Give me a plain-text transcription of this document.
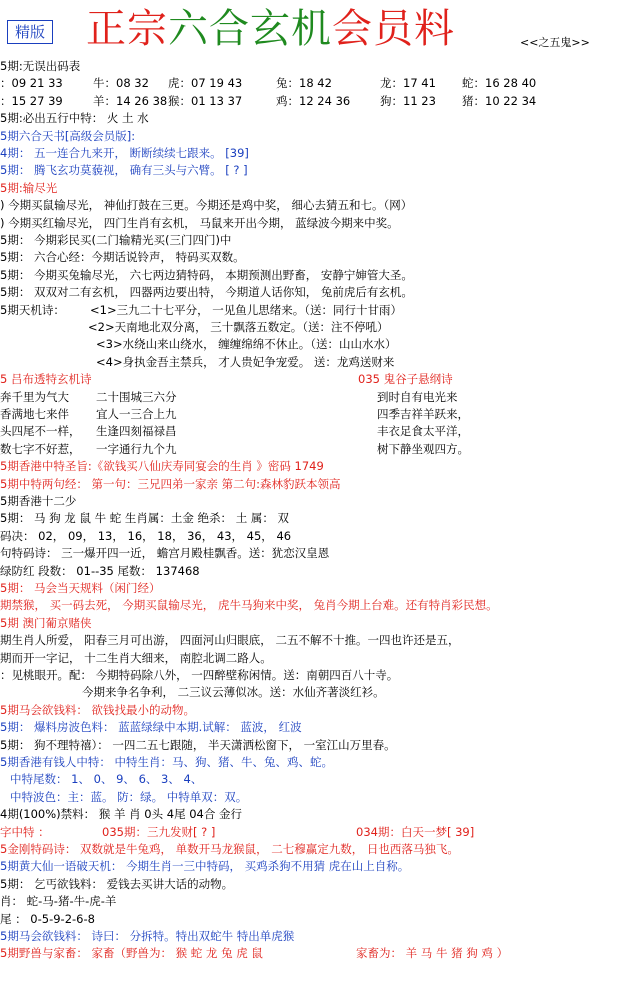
精版 正宗六合玄机会员料	<<之五鬼>>
5期:无误出码表
：09 21 33	牛：08 32 虎：07 19 43	兔：18 42	龙：17 41 蛇：16 28 40
：15 27 39	羊：14 26 38 猴：01 13 37	鸡：12 24 36	狗：11 23 猪：10 22 34
5期:必出五行中特： 火 土 水
5期六合天书[高级会员版]:
4期： 五一连合九来开， 断断续续七跟来。 [39]
5期： 腾飞玄功莫藐视， 确有三头与六臂。 [ ? ]
5期:输尽光
) 今期买鼠输尽光， 神仙打鼓在三更。今期还是鸡中奖， 细心去猜五和七。（网）
) 今期买红输尽光， 四门生肖有玄机， 马鼠来开出今期， 蓝绿波今期来中奖。
5期： 今期彩民买(二门输精光买(三门四门)中
5期： 六合心经：今期话说铃声， 特码买双数。
5期： 今期买兔输尽光， 六七两边猜特码， 本期预测出野畜， 安静宁婶管大圣。
5期： 双双对二有玄机， 四器两边要出特， 今期道人话你知， 兔前虎后有玄机。
5期天机诗： <1>三九二十七平分， 一见鱼儿思绪来。（送：同行十甘雨）
<2>天南地北双分离， 三十飘落五数定。（送：注不停吼）
<3>水绕山来山绕水， 缠缠绵绵不休止。（送：山山水水）
<4>身执金吾主禁兵， 才人贵妃争宠爱。 送：龙鸡送财来
5 吕布透特玄机诗	035 鬼谷子悬纲诗
奔千里为气大 二十围城三六分	到时自有电光来
香满地七来伴 宜人一三合上九	四季吉祥羊跃来，
头四尾不一样， 生逢四刻福禄昌	丰衣足食太平洋，
数七字不好惹， 一字通行九个九	树下静坐观四方。
5期香港中特圣旨:《欲钱买八仙庆寿同宴会的生肖 》密码 1749
5期中特两句经： 第一句：三兄四弟一家亲 第二句:森林豹跃本领高
5期香港十二少
5期： 马 狗 龙 鼠 牛 蛇 生肖属：土金 绝杀： 土 属： 双
码决： 02， 09， 13， 16， 18， 36， 43， 45， 46
句特码诗： 三一爆开四一近， 蟾宫月殿桂飘香。送：犹恋汉皇恩
绿防红 段数： 01--35 尾数： 137468
5期： 马会当天规料（闲门经）
期禁猴， 买一码去死， 今期买鼠输尽光， 虎牛马狗来中奖， 兔肖今期上台难。还有特肖彩民想。
5期 澳门葡京赌侠
期生肖人所爱， 阳春三月可出游， 四面河山归眼底， 二五不解不十推。一四也许还是五，
期而开一字记， 十二生肖大细来， 南腔北调二路人。
：见桃眼开。配： 今期特码除八外， 一四醉壁称闲情。送：南朝四百八十寺。
今期来争名争利， 二三议云薄似冰。送：水仙齐著淡红衫。
5期马会欲钱料： 欲钱找最小的动物。
5期： 爆料房波色料： 蓝蓝绿绿中本期.试解： 蓝波， 红波
5期： 狗不理特禧）： 一四二五七跟随， 半天潇洒松窗下， 一室江山万里春。
5期香港有钱人中特： 中特生肖：马、狗、猪、牛、兔、鸡、蛇。
中特尾数： 1、 0、 9、 6、 3、 4、
中特波色：主：蓝。 防：绿。 中特单双：双。
4期(100%)禁料： 猴 羊 肖 0头 4尾 04合 金行
字中特 ：	035期：三九发财[ ? ]	034期：白天一梦[ 39]
5金刚特码诗： 双数就是牛兔鸡， 单数开马龙猴鼠， 二七穆赢定九数， 日也西落马独飞。
5期黄大仙一语破天机： 今期生肖一三中特码， 买鸡杀狗不用猜 虎在山上自称。
5期： 乞丐欲钱料： 爱钱去买讲大话的动物。
肖： 蛇-马-猪-牛-虎-羊
尾 ： 0-5-9-2-6-8
5期马会欲钱料： 诗曰： 分拆特。特出双蛇牛 特出单虎猴
5期野兽与家畜： 家畜（野兽为： 猴 蛇 龙 兔 虎 鼠	家畜为： 羊 马 牛 猪 狗 鸡 ）
